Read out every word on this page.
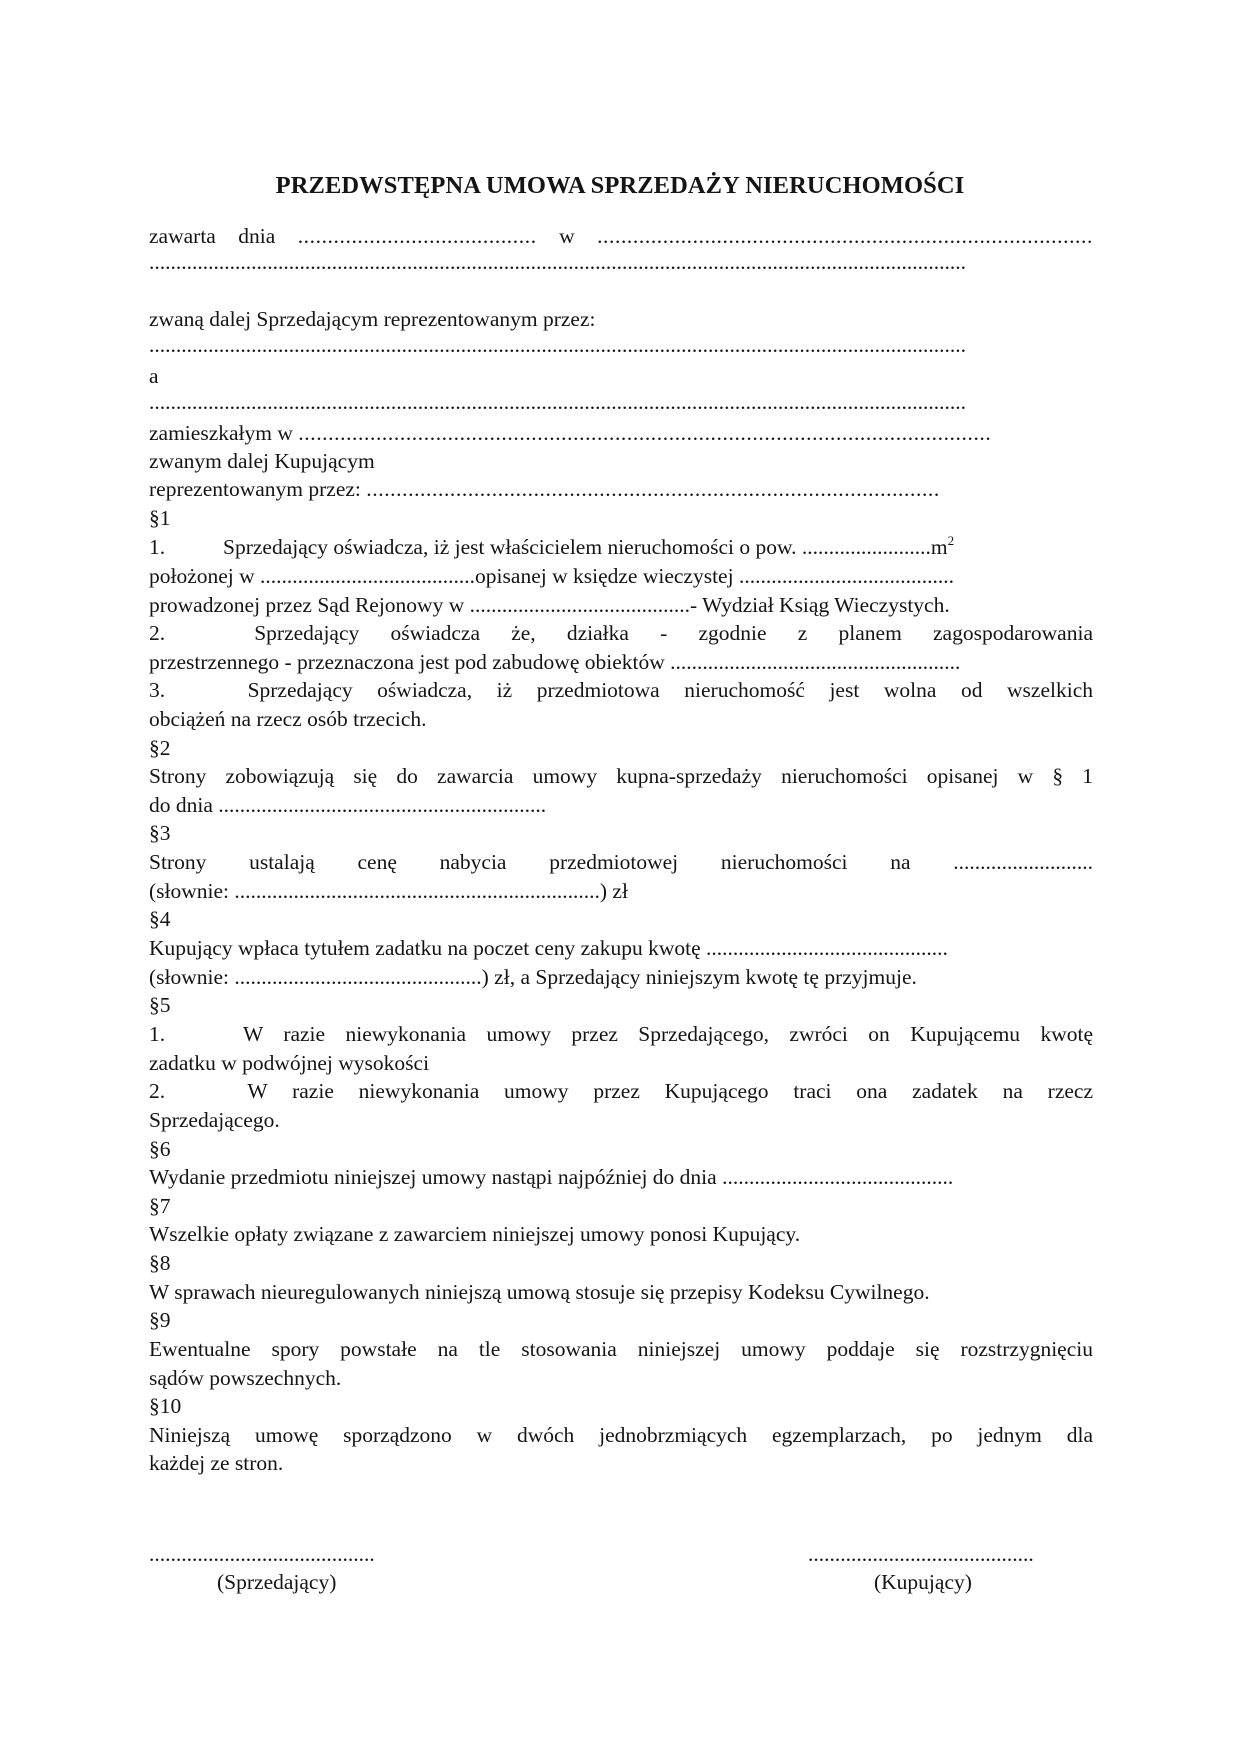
PRZEDWSTĘPNA UMOWA SPRZEDAŻY NIERUCHOMOŚCI
zawarta dnia ........................................ w ...................................................................................
........................................................................................................................................................
zwaną dalej Sprzedającym reprezentowanym przez:
........................................................................................................................................................
a
........................................................................................................................................................
zamieszkałym w ....................................................................................................................
zwanym dalej Kupującym
reprezentowanym przez: ................................................................................................
§1
1.	Sprzedający oświadcza, iż jest właścicielem nieruchomości o pow. $........................m^2$
położonej w ........................................opisanej w księdze wieczystej ........................................
prowadzonej przez Sąd Rejonowy w .........................................- Wydział Ksiąg Wieczystych.
2.	Sprzedający oświadcza że, działka - zgodnie z planem zagospodarowania
przestrzennego - przeznaczona jest pod zabudowę obiektów ......................................................
3.	Sprzedający oświadcza, iż przedmiotowa nieruchomość jest wolna od wszelkich
obciążeń na rzecz osób trzecich.
§2
Strony zobowiązują się do zawarcia umowy kupna-sprzedaży nieruchomości opisanej w § 1
do dnia .............................................................
§3
Strony ustalają cenę nabycia przedmiotowej nieruchomości na ..........................
(słownie: ....................................................................) zł
§4
Kupujący wpłaca tytułem zadatku na poczet ceny zakupu kwotę .............................................
(słownie: ..............................................) zł, a Sprzedający niniejszym kwotę tę przyjmuje.
§5
1.	W razie niewykonania umowy przez Sprzedającego, zwróci on Kupującemu kwotę
zadatku w podwójnej wysokości
2.	W razie niewykonania umowy przez Kupującego traci ona zadatek na rzecz
Sprzedającego.
§6
Wydanie przedmiotu niniejszej umowy nastąpi najpóźniej do dnia ...........................................
§7
Wszelkie opłaty związane z zawarciem niniejszej umowy ponosi Kupujący.
§8
W sprawach nieuregulowanych niniejszą umową stosuje się przepisy Kodeksu Cywilnego.
§9
Ewentualne spory powstałe na tle stosowania niniejszej umowy poddaje się rozstrzygnięciu
sądów powszechnych.
§10
Niniejszą umowę sporządzono w dwóch jednobrzmiących egzemplarzach, po jednym dla
każdej ze stron.
..........................................
(Sprzedający)
..........................................
(Kupujący)
